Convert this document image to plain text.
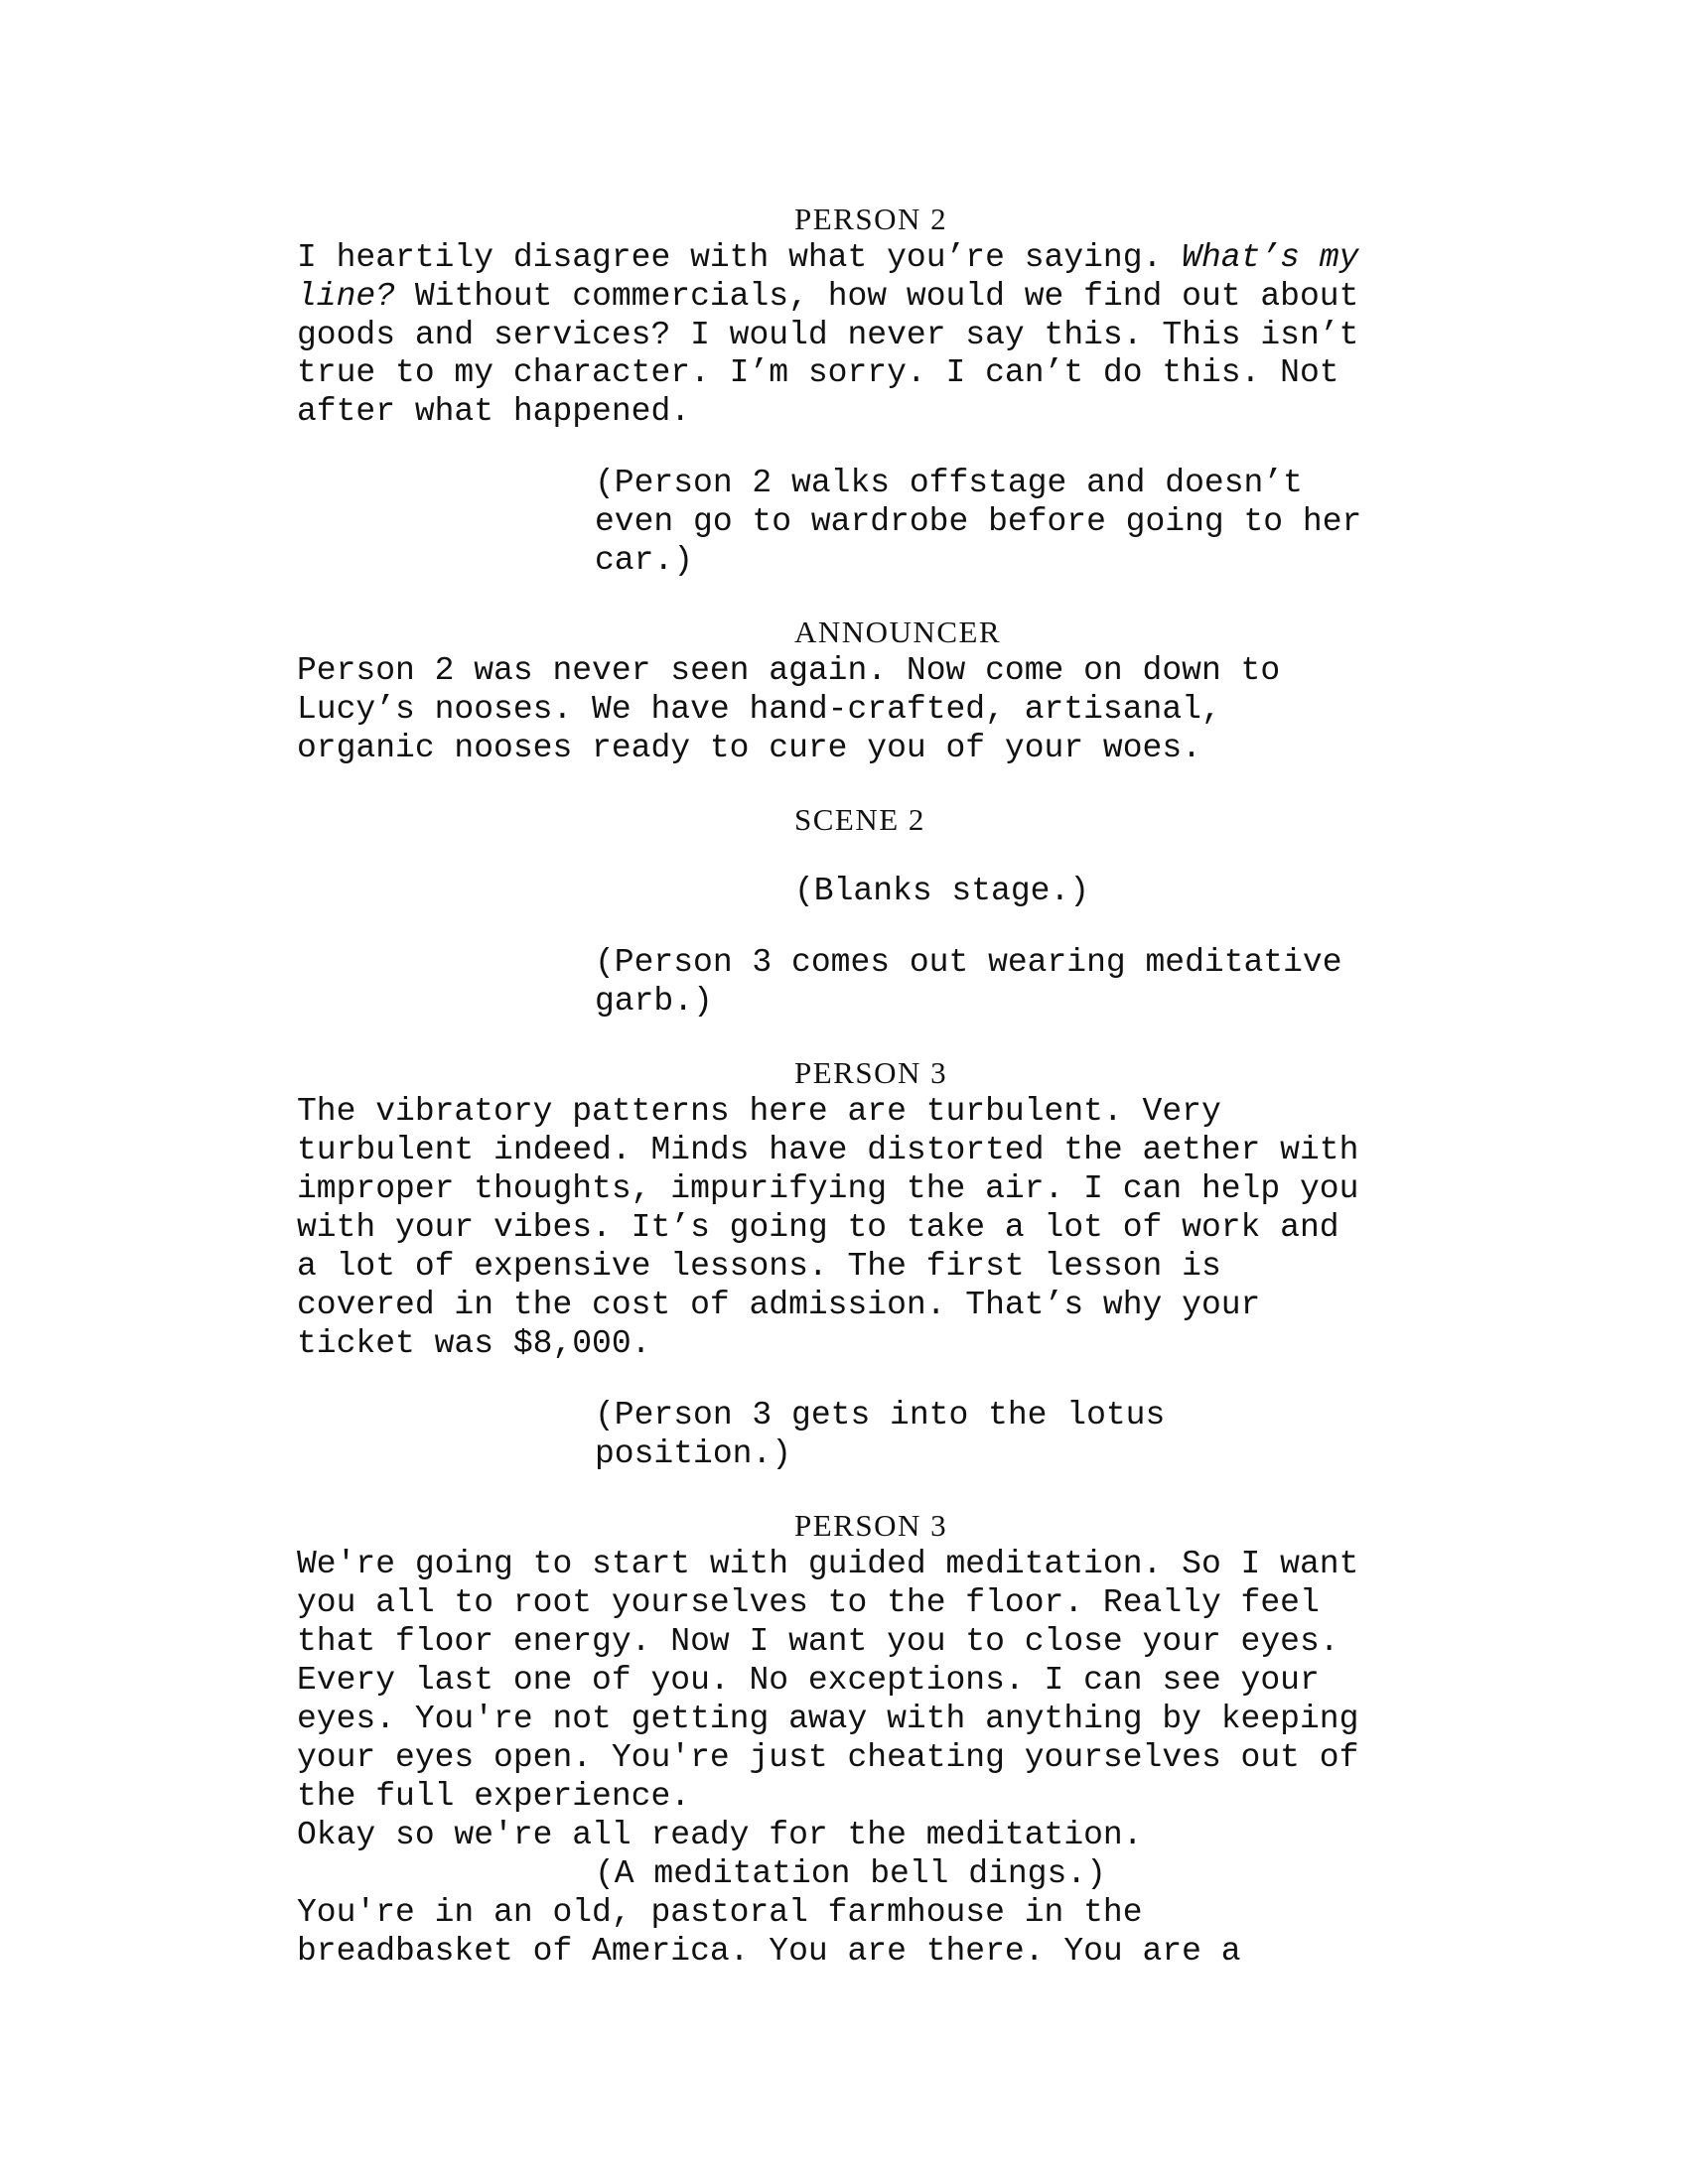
PERSON 2
I heartily disagree with what you’re saying. What’s my
line? Without commercials, how would we find out about
goods and services? I would never say this. This isn’t
true to my character. I’m sorry. I can’t do this. Not
after what happened.
(Person 2 walks offstage and doesn’t
even go to wardrobe before going to her
car.)
ANNOUNCER
Person 2 was never seen again. Now come on down to
Lucy’s nooses. We have hand-crafted, artisanal,
organic nooses ready to cure you of your woes.
SCENE 2
(Blanks stage.)
(Person 3 comes out wearing meditative
garb.)
PERSON 3
The vibratory patterns here are turbulent. Very
turbulent indeed. Minds have distorted the aether with
improper thoughts, impurifying the air. I can help you
with your vibes. It’s going to take a lot of work and
a lot of expensive lessons. The first lesson is
covered in the cost of admission. That’s why your
ticket was $8,000.
(Person 3 gets into the lotus
position.)
PERSON 3
We're going to start with guided meditation. So I want
you all to root yourselves to the floor. Really feel
that floor energy. Now I want you to close your eyes.
Every last one of you. No exceptions. I can see your
eyes. You're not getting away with anything by keeping
your eyes open. You're just cheating yourselves out of
the full experience.
Okay so we're all ready for the meditation.
(A meditation bell dings.)
You're in an old, pastoral farmhouse in the
breadbasket of America. You are there. You are a
